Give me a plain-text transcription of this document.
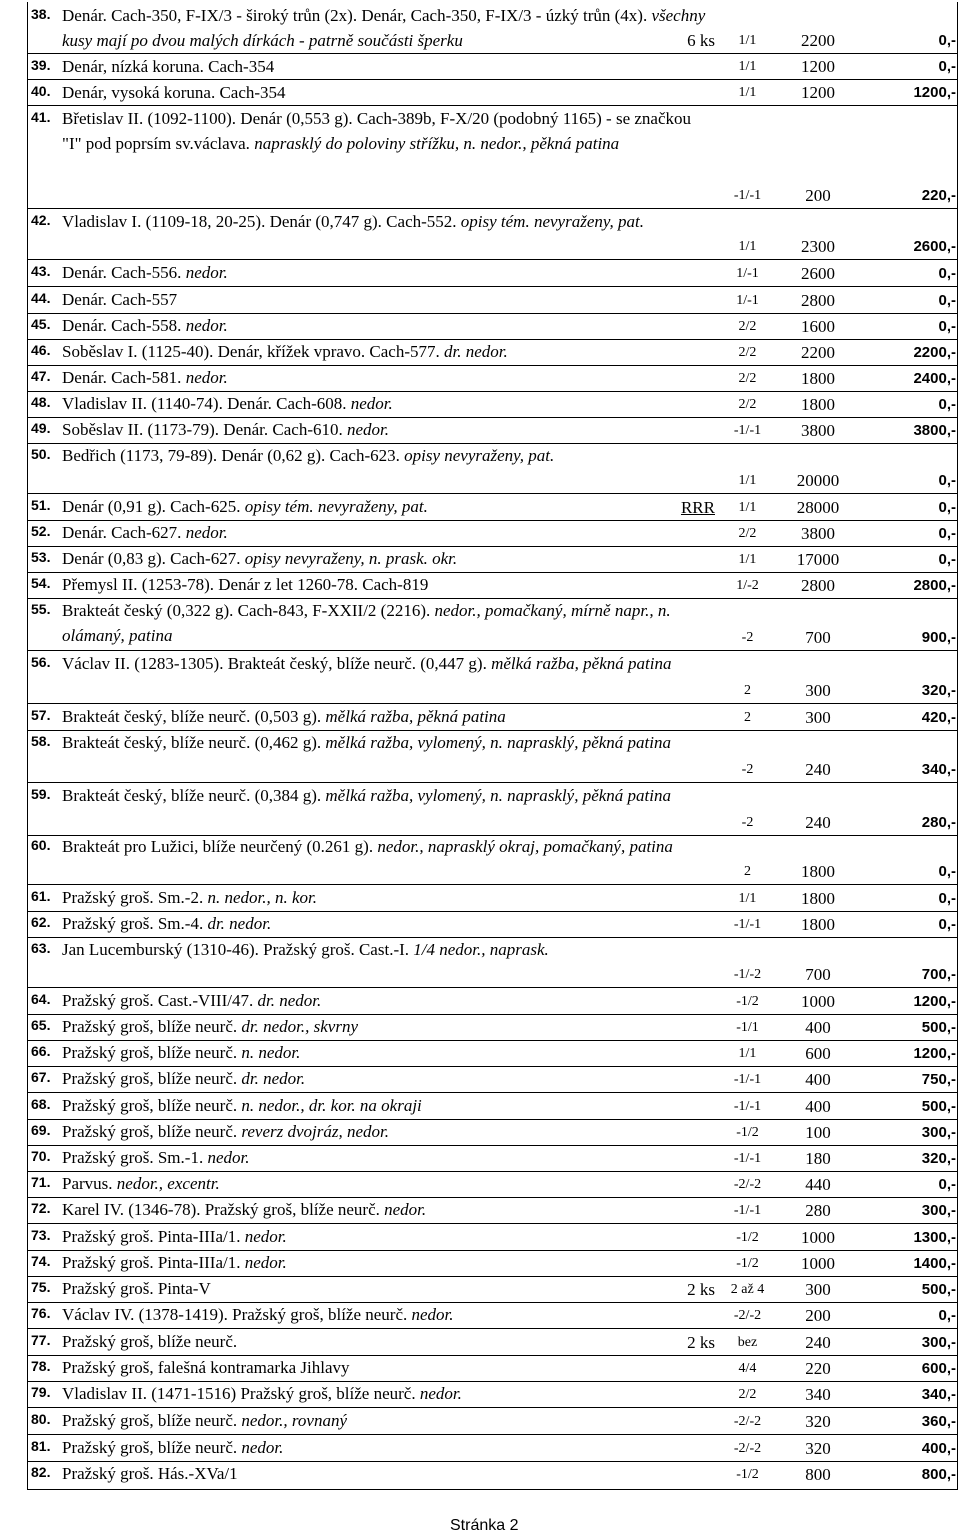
38. Denár. Cach-350, F-IX/3 - široký trůn (2x). Denár, Cach-350, F-IX/3 - úzký trůn (4x). všechny kusy mají po dvou malých dírkách - patrně součásti šperku	6 ks	1/1	2200	0,-
39. Denár, nízká koruna. Cach-354	1/1	1200	0,-
40. Denár, vysoká koruna. Cach-354	1/1	1200	1200,-
41. Břetislav II. (1092-1100). Denár (0,553 g). Cach-389b, F-X/20 (podobný 1165) - se značkou "I" pod poprsím sv.václava. naprasklý do poloviny střížku, n. nedor., pěkná patina
-1/-1	200	220,-
42. Vladislav I. (1109-18, 20-25). Denár (0,747 g). Cach-552. opisy tém. nevyraženy, pat.
1/1	2300	2600,-
43. Denár. Cach-556. nedor.	1/-1	2600	0,-
44. Denár. Cach-557	1/-1	2800	0,-
45. Denár. Cach-558. nedor.	2/2	1600	0,-
46. Soběslav I. (1125-40). Denár, křížek vpravo. Cach-577. dr. nedor.	2/2	2200	2200,-
47. Denár. Cach-581. nedor.	2/2	1800	2400,-
48. Vladislav II. (1140-74). Denár. Cach-608. nedor.	2/2	1800	0,-
49. Soběslav II. (1173-79). Denár. Cach-610. nedor.	-1/-1	3800	3800,-
50. Bedřich (1173, 79-89). Denár (0,62 g). Cach-623. opisy nevyraženy, pat.
1/1	20000	0,-
51. Denár (0,91 g). Cach-625. opisy tém. nevyraženy, pat.	RRR	1/1	28000	0,-
52. Denár. Cach-627. nedor.	2/2	3800	0,-
53. Denár (0,83 g). Cach-627. opisy nevyraženy, n. prask. okr.	1/1	17000	0,-
54. Přemysl II. (1253-78). Denár z let 1260-78. Cach-819	1/-2	2800	2800,-
55. Brakteát český (0,322 g). Cach-843, F-XXII/2 (2216). nedor., pomačkaný, mírně napr., n. olámaný, patina	-2	700	900,-
56. Václav II. (1283-1305). Brakteát český, blíže neurč. (0,447 g). mělká ražba, pěkná patina
2	300	320,-
57. Brakteát český, blíže neurč. (0,503 g). mělká ražba, pěkná patina	2	300	420,-
58. Brakteát český, blíže neurč. (0,462 g). mělká ražba, vylomený, n. naprasklý, pěkná patina
-2	240	340,-
59. Brakteát český, blíže neurč. (0,384 g). mělká ražba, vylomený, n. naprasklý, pěkná patina
-2	240	280,-
60. Brakteát pro Lužici, blíže neurčený (0.261 g). nedor., naprasklý okraj, pomačkaný, patina
2	1800	0,-
61. Pražský groš. Sm.-2. n. nedor., n. kor.	1/1	1800	0,-
62. Pražský groš. Sm.-4. dr. nedor.	-1/-1	1800	0,-
63. Jan Lucemburský (1310-46). Pražský groš. Cast.-I. 1/4 nedor., naprask.
-1/-2	700	700,-
64. Pražský groš. Cast.-VIII/47. dr. nedor.	-1/2	1000	1200,-
65. Pražský groš, blíže neurč. dr. nedor., skvrny	-1/1	400	500,-
66. Pražský groš, blíže neurč. n. nedor.	1/1	600	1200,-
67. Pražský groš, blíže neurč. dr. nedor.	-1/-1	400	750,-
68. Pražský groš, blíže neurč. n. nedor., dr. kor. na okraji	-1/-1	400	500,-
69. Pražský groš, blíže neurč. reverz dvojráz, nedor.	-1/2	100	300,-
70. Pražský groš. Sm.-1. nedor.	-1/-1	180	320,-
71. Parvus. nedor., excentr.	-2/-2	440	0,-
72. Karel IV. (1346-78). Pražský groš, blíže neurč. nedor.	-1/-1	280	300,-
73. Pražský groš. Pinta-IIIa/1. nedor.	-1/2	1000	1300,-
74. Pražský groš. Pinta-IIIa/1. nedor.	-1/2	1000	1400,-
75. Pražský groš. Pinta-V	2 ks	2 až 4	300	500,-
76. Václav IV. (1378-1419). Pražský groš, blíže neurč. nedor.	-2/-2	200	0,-
77. Pražský groš, blíže neurč.	2 ks	bez	240	300,-
78. Pražský groš, falešná kontramarka Jihlavy	4/4	220	600,-
79. Vladislav II. (1471-1516) Pražský groš, blíže neurč. nedor.	2/2	340	340,-
80. Pražský groš, blíže neurč. nedor., rovnaný	-2/-2	320	360,-
81. Pražský groš, blíže neurč. nedor.	-2/-2	320	400,-
82. Pražský groš. Hás.-XVa/1	-1/2	800	800,-
Stránka 2
